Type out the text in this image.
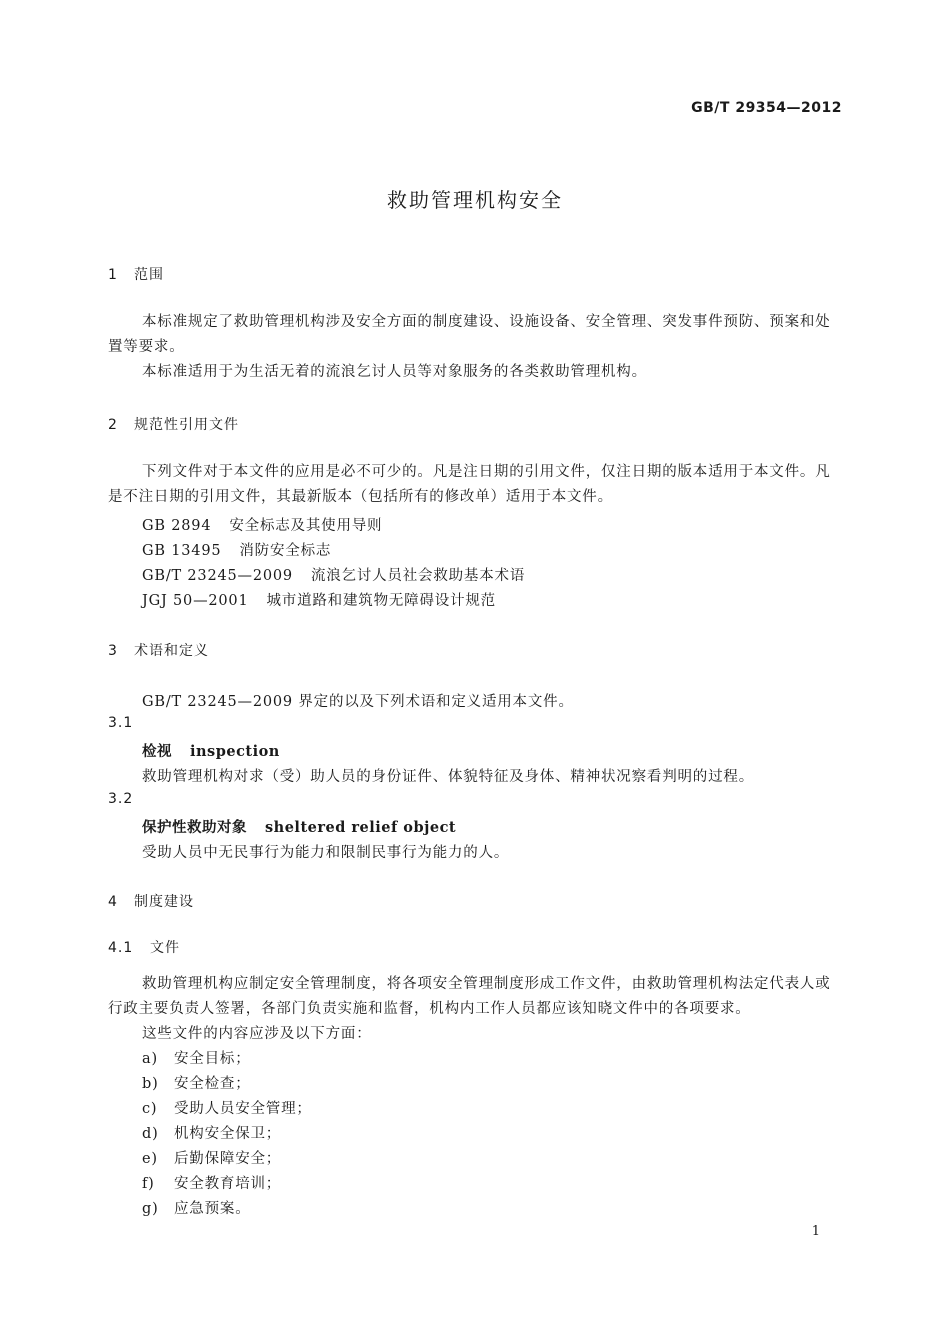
GB/T 29354—2012
救助管理机构安全
1 范围
本标准规定了救助管理机构涉及安全方面的制度建设、设施设备、安全管理、突发事件预防、预案和处置等要求。
本标准适用于为生活无着的流浪乞讨人员等对象服务的各类救助管理机构。
2 规范性引用文件
下列文件对于本文件的应用是必不可少的。凡是注日期的引用文件，仅注日期的版本适用于本文件。凡是不注日期的引用文件，其最新版本（包括所有的修改单）适用于本文件。
GB 2894 安全标志及其使用导则
GB 13495 消防安全标志
GB/T 23245—2009 流浪乞讨人员社会救助基本术语
JGJ 50—2001 城市道路和建筑物无障碍设计规范
3 术语和定义
GB/T 23245—2009 界定的以及下列术语和定义适用本文件。
3.1
检视 inspection
救助管理机构对求（受）助人员的身份证件、体貌特征及身体、精神状况察看判明的过程。
3.2
保护性救助对象 sheltered relief object
受助人员中无民事行为能力和限制民事行为能力的人。
4 制度建设
4.1 文件
救助管理机构应制定安全管理制度，将各项安全管理制度形成工作文件，由救助管理机构法定代表人或行政主要负责人签署，各部门负责实施和监督，机构内工作人员都应该知晓文件中的各项要求。
这些文件的内容应涉及以下方面：
a) 安全目标；
b) 安全检查；
c) 受助人员安全管理；
d) 机构安全保卫；
e) 后勤保障安全；
f) 安全教育培训；
g) 应急预案。
1
